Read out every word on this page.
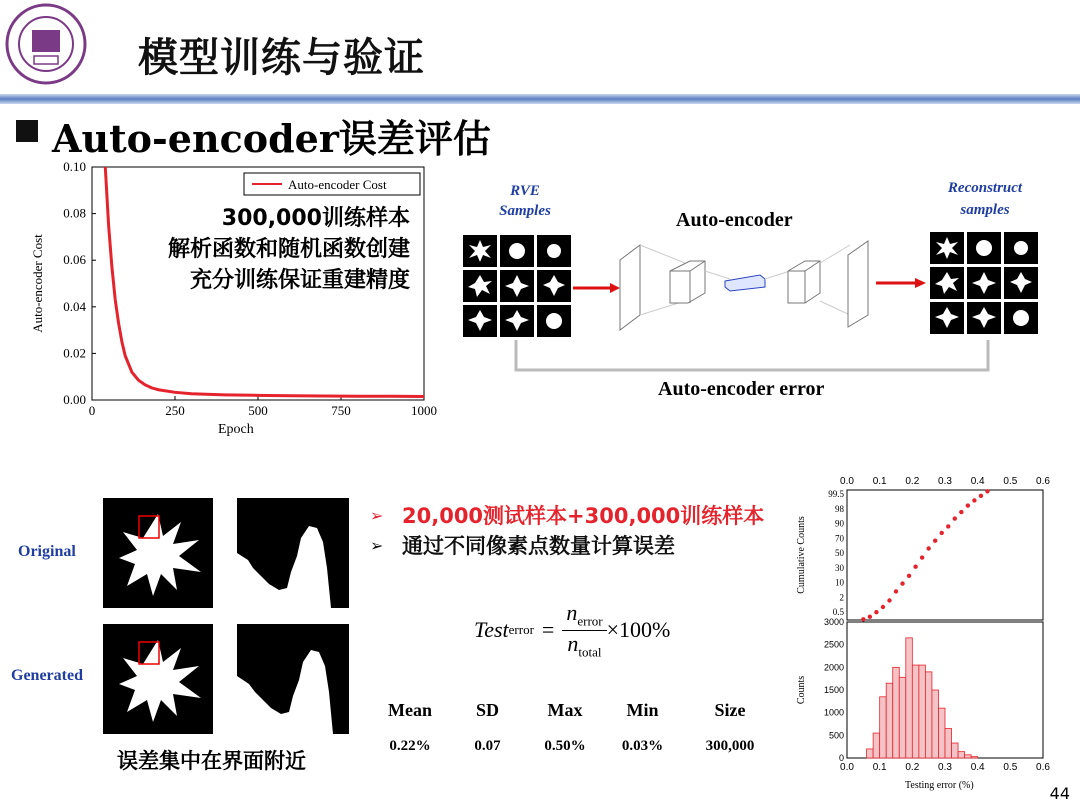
模型训练与验证
Auto-encoder误差评估
0.00
0.02
0.04
0.06
0.08
0.10
0	250	500	750	1000
Epoch
Auto-encoder Cost
Auto-encoder Cost
300,000训练样本
解析函数和随机函数创建
充分训练保证重建精度
RVE
Samples
Reconstruct
samples
Auto-encoder
Auto-encoder error
Original
Generated
误差集中在界面附近
➢ 20,000测试样本+300,000训练样本
➢ 通过不同像素点数量计算误差
Test error =
$n_{error}$
$n_{total}$
×100%
Mean	SD	Max	Min	Size
0.22%	0.07	0.50%	0.03%	300,000
0.0 0.1 0.2 0.3 0.4 0.5 0.6
99.5
98
90
70
50
30
10
2
0.5
Cumulative Counts
0
500
1000
1500
2000
2500
3000
0.0 0.1 0.2 0.3 0.4 0.5 0.6
Counts
Testing error (%)	44
